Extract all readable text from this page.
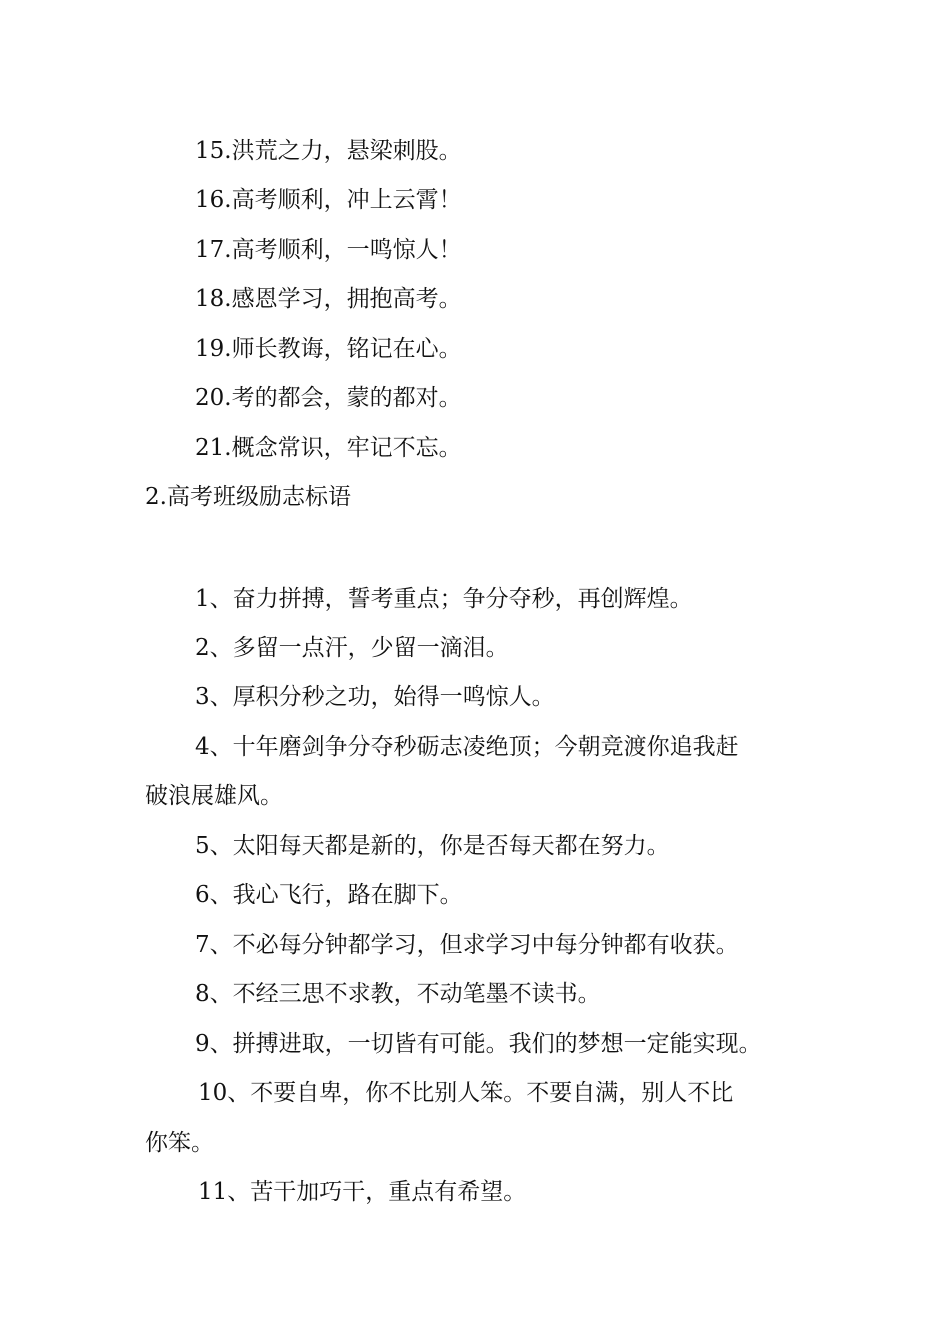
15.洪荒之力，悬梁刺股。
16.高考顺利，冲上云霄！
17.高考顺利，一鸣惊人！
18.感恩学习，拥抱高考。
19.师长教诲，铭记在心。
20.考的都会，蒙的都对。
21.概念常识，牢记不忘。
2.高考班级励志标语
1、奋力拼搏，誓考重点；争分夺秒，再创辉煌。
2、多留一点汗，少留一滴泪。
3、厚积分秒之功，始得一鸣惊人。
4、十年磨剑争分夺秒砺志凌绝顶；今朝竞渡你追我赶
破浪展雄风。
5、太阳每天都是新的，你是否每天都在努力。
6、我心飞行，路在脚下。
7、不必每分钟都学习，但求学习中每分钟都有收获。
8、不经三思不求教，不动笔墨不读书。
9、拼搏进取，一切皆有可能。我们的梦想一定能实现。
10、不要自卑，你不比别人笨。不要自满，别人不比
你笨。
11、苦干加巧干，重点有希望。
